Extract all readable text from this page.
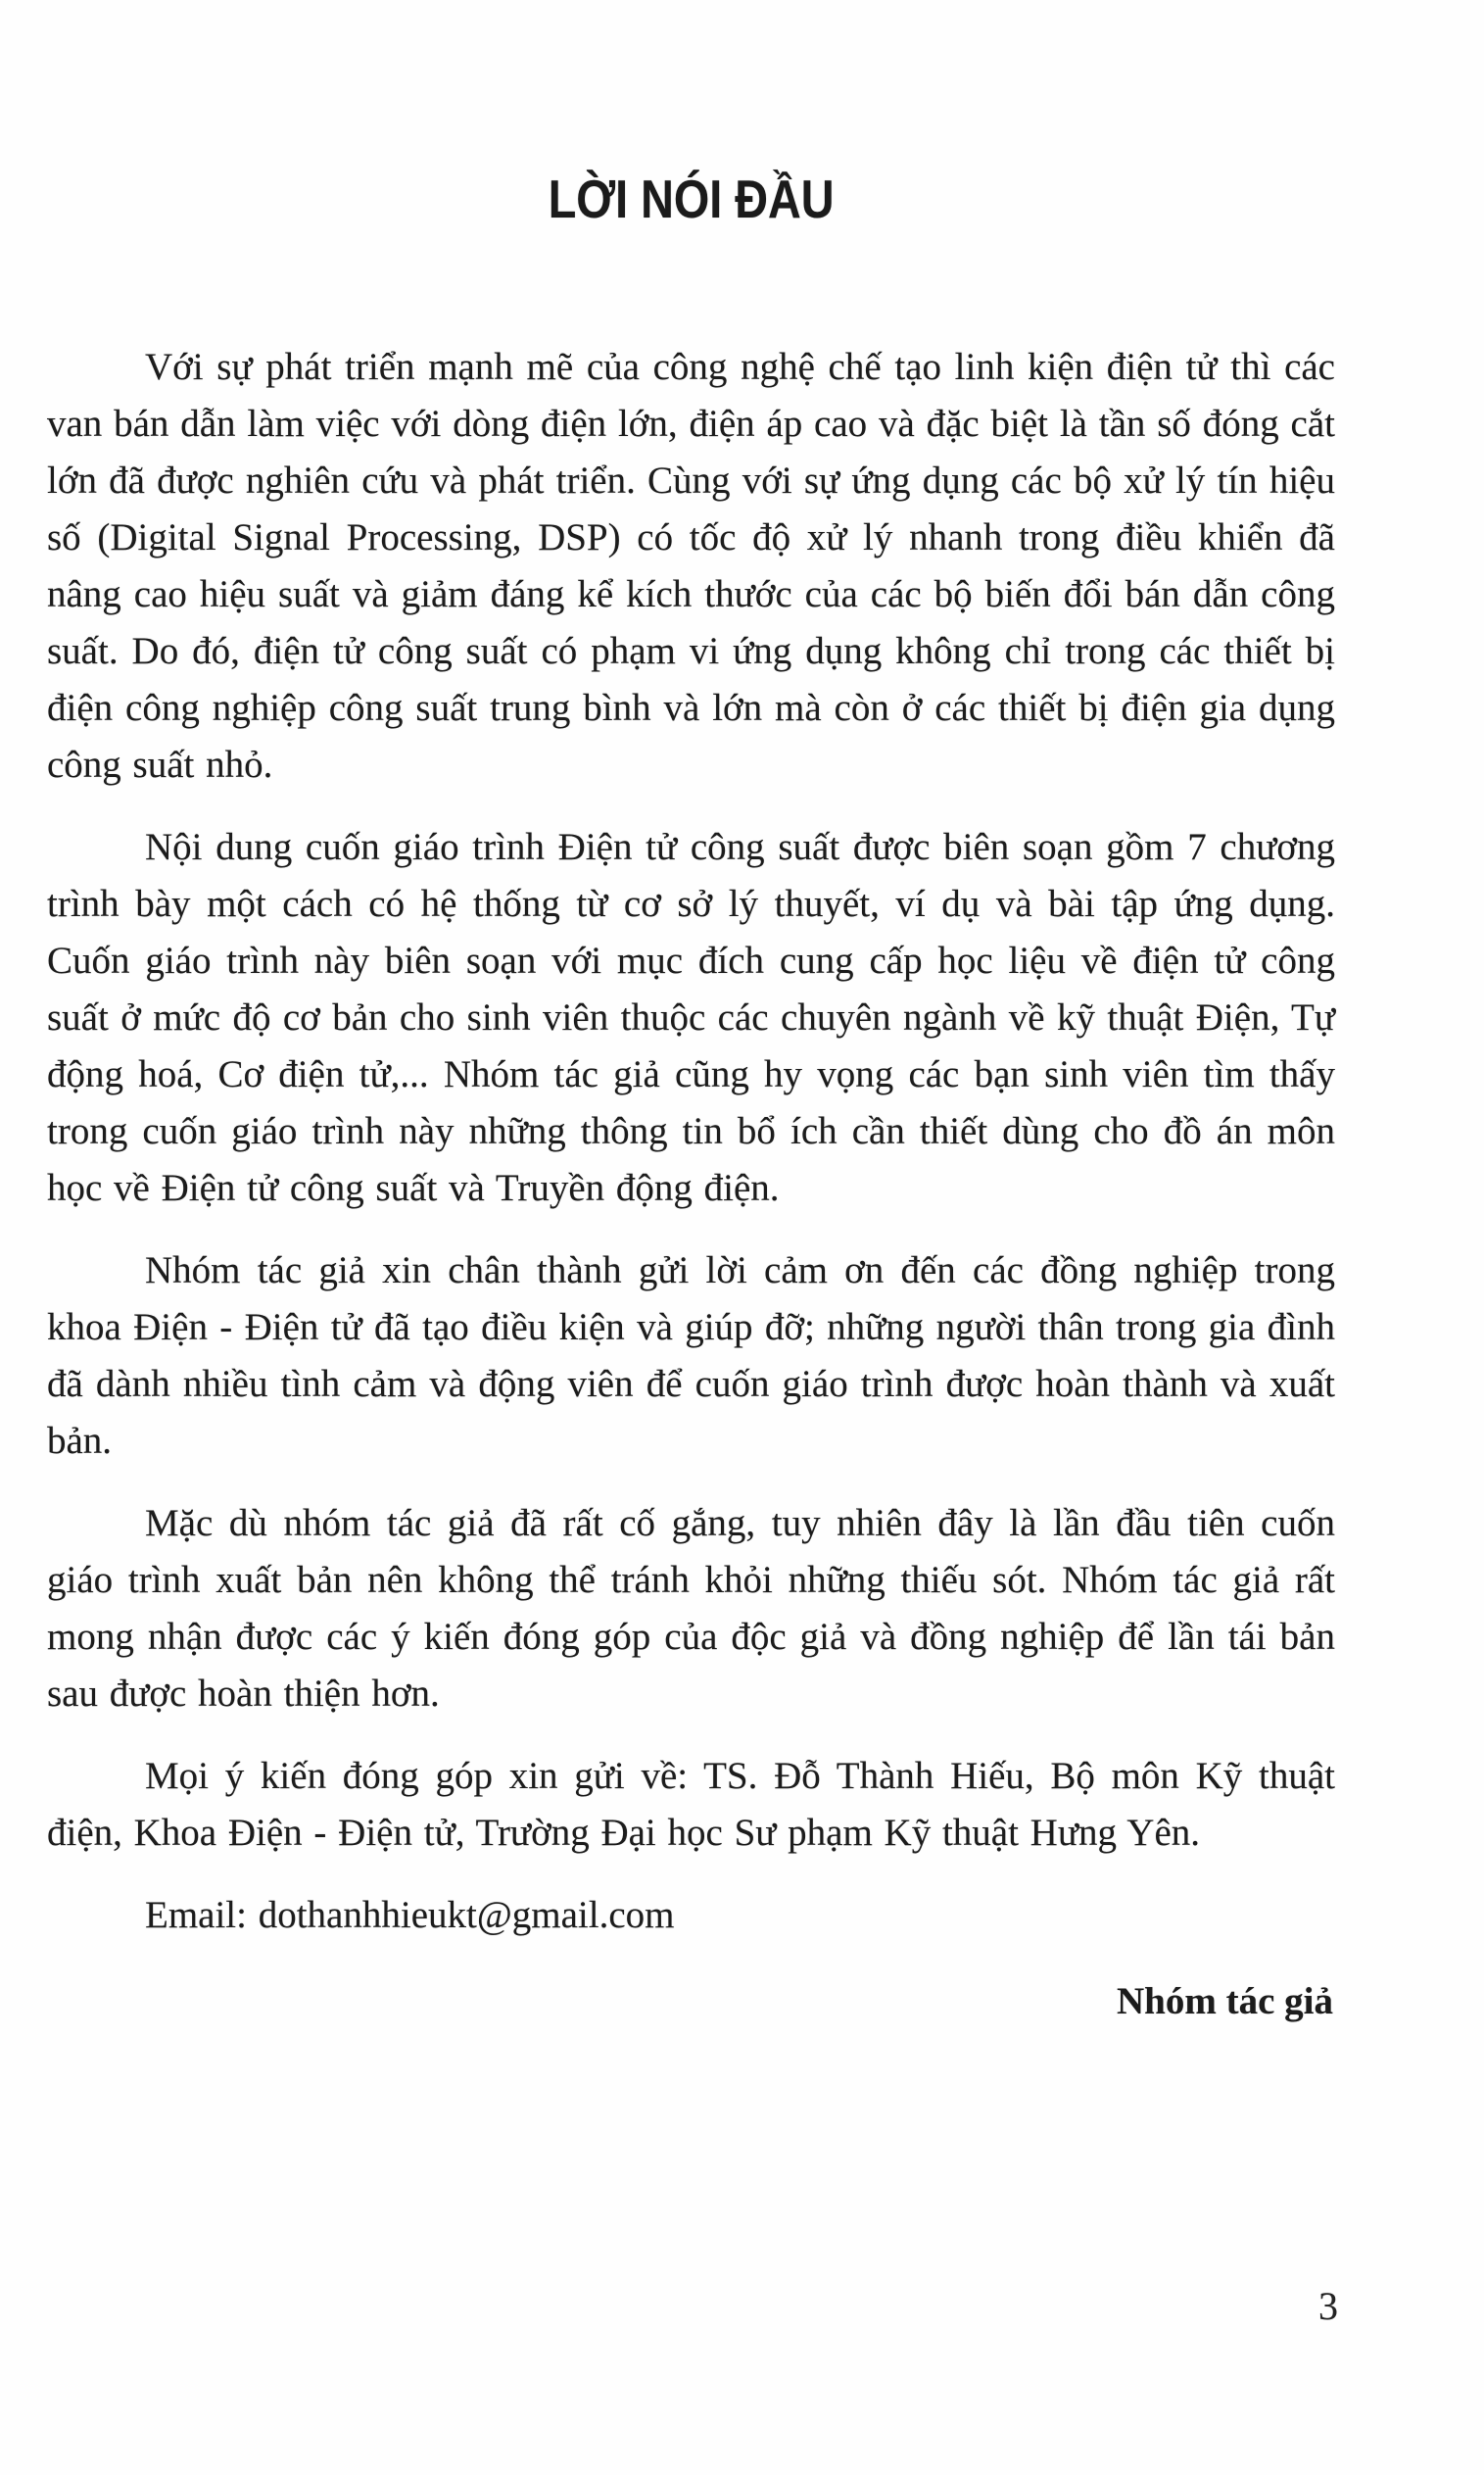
LỜI NÓI ĐẦU

Với sự phát triển mạnh mẽ của công nghệ chế tạo linh kiện điện tử thì các van bán dẫn làm việc với dòng điện lớn, điện áp cao và đặc biệt là tần số đóng cắt lớn đã được nghiên cứu và phát triển. Cùng với sự ứng dụng các bộ xử lý tín hiệu số (Digital Signal Processing, DSP) có tốc độ xử lý nhanh trong điều khiển đã nâng cao hiệu suất và giảm đáng kể kích thước của các bộ biến đổi bán dẫn công suất. Do đó, điện tử công suất có phạm vi ứng dụng không chỉ trong các thiết bị điện công nghiệp công suất trung bình và lớn mà còn ở các thiết bị điện gia dụng công suất nhỏ.

Nội dung cuốn giáo trình Điện tử công suất được biên soạn gồm 7 chương trình bày một cách có hệ thống từ cơ sở lý thuyết, ví dụ và bài tập ứng dụng. Cuốn giáo trình này biên soạn với mục đích cung cấp học liệu về điện tử công suất ở mức độ cơ bản cho sinh viên thuộc các chuyên ngành về kỹ thuật Điện, Tự động hoá, Cơ điện tử,... Nhóm tác giả cũng hy vọng các bạn sinh viên tìm thấy trong cuốn giáo trình này những thông tin bổ ích cần thiết dùng cho đồ án môn học về Điện tử công suất và Truyền động điện.

Nhóm tác giả xin chân thành gửi lời cảm ơn đến các đồng nghiệp trong khoa Điện - Điện tử đã tạo điều kiện và giúp đỡ; những người thân trong gia đình đã dành nhiều tình cảm và động viên để cuốn giáo trình được hoàn thành và xuất bản.

Mặc dù nhóm tác giả đã rất cố gắng, tuy nhiên đây là lần đầu tiên cuốn giáo trình xuất bản nên không thể tránh khỏi những thiếu sót. Nhóm tác giả rất mong nhận được các ý kiến đóng góp của độc giả và đồng nghiệp để lần tái bản sau được hoàn thiện hơn.

Mọi ý kiến đóng góp xin gửi về: TS. Đỗ Thành Hiếu, Bộ môn Kỹ thuật điện, Khoa Điện - Điện tử, Trường Đại học Sư phạm Kỹ thuật Hưng Yên.

Email: dothanhhieukt@gmail.com

Nhóm tác giả

3
